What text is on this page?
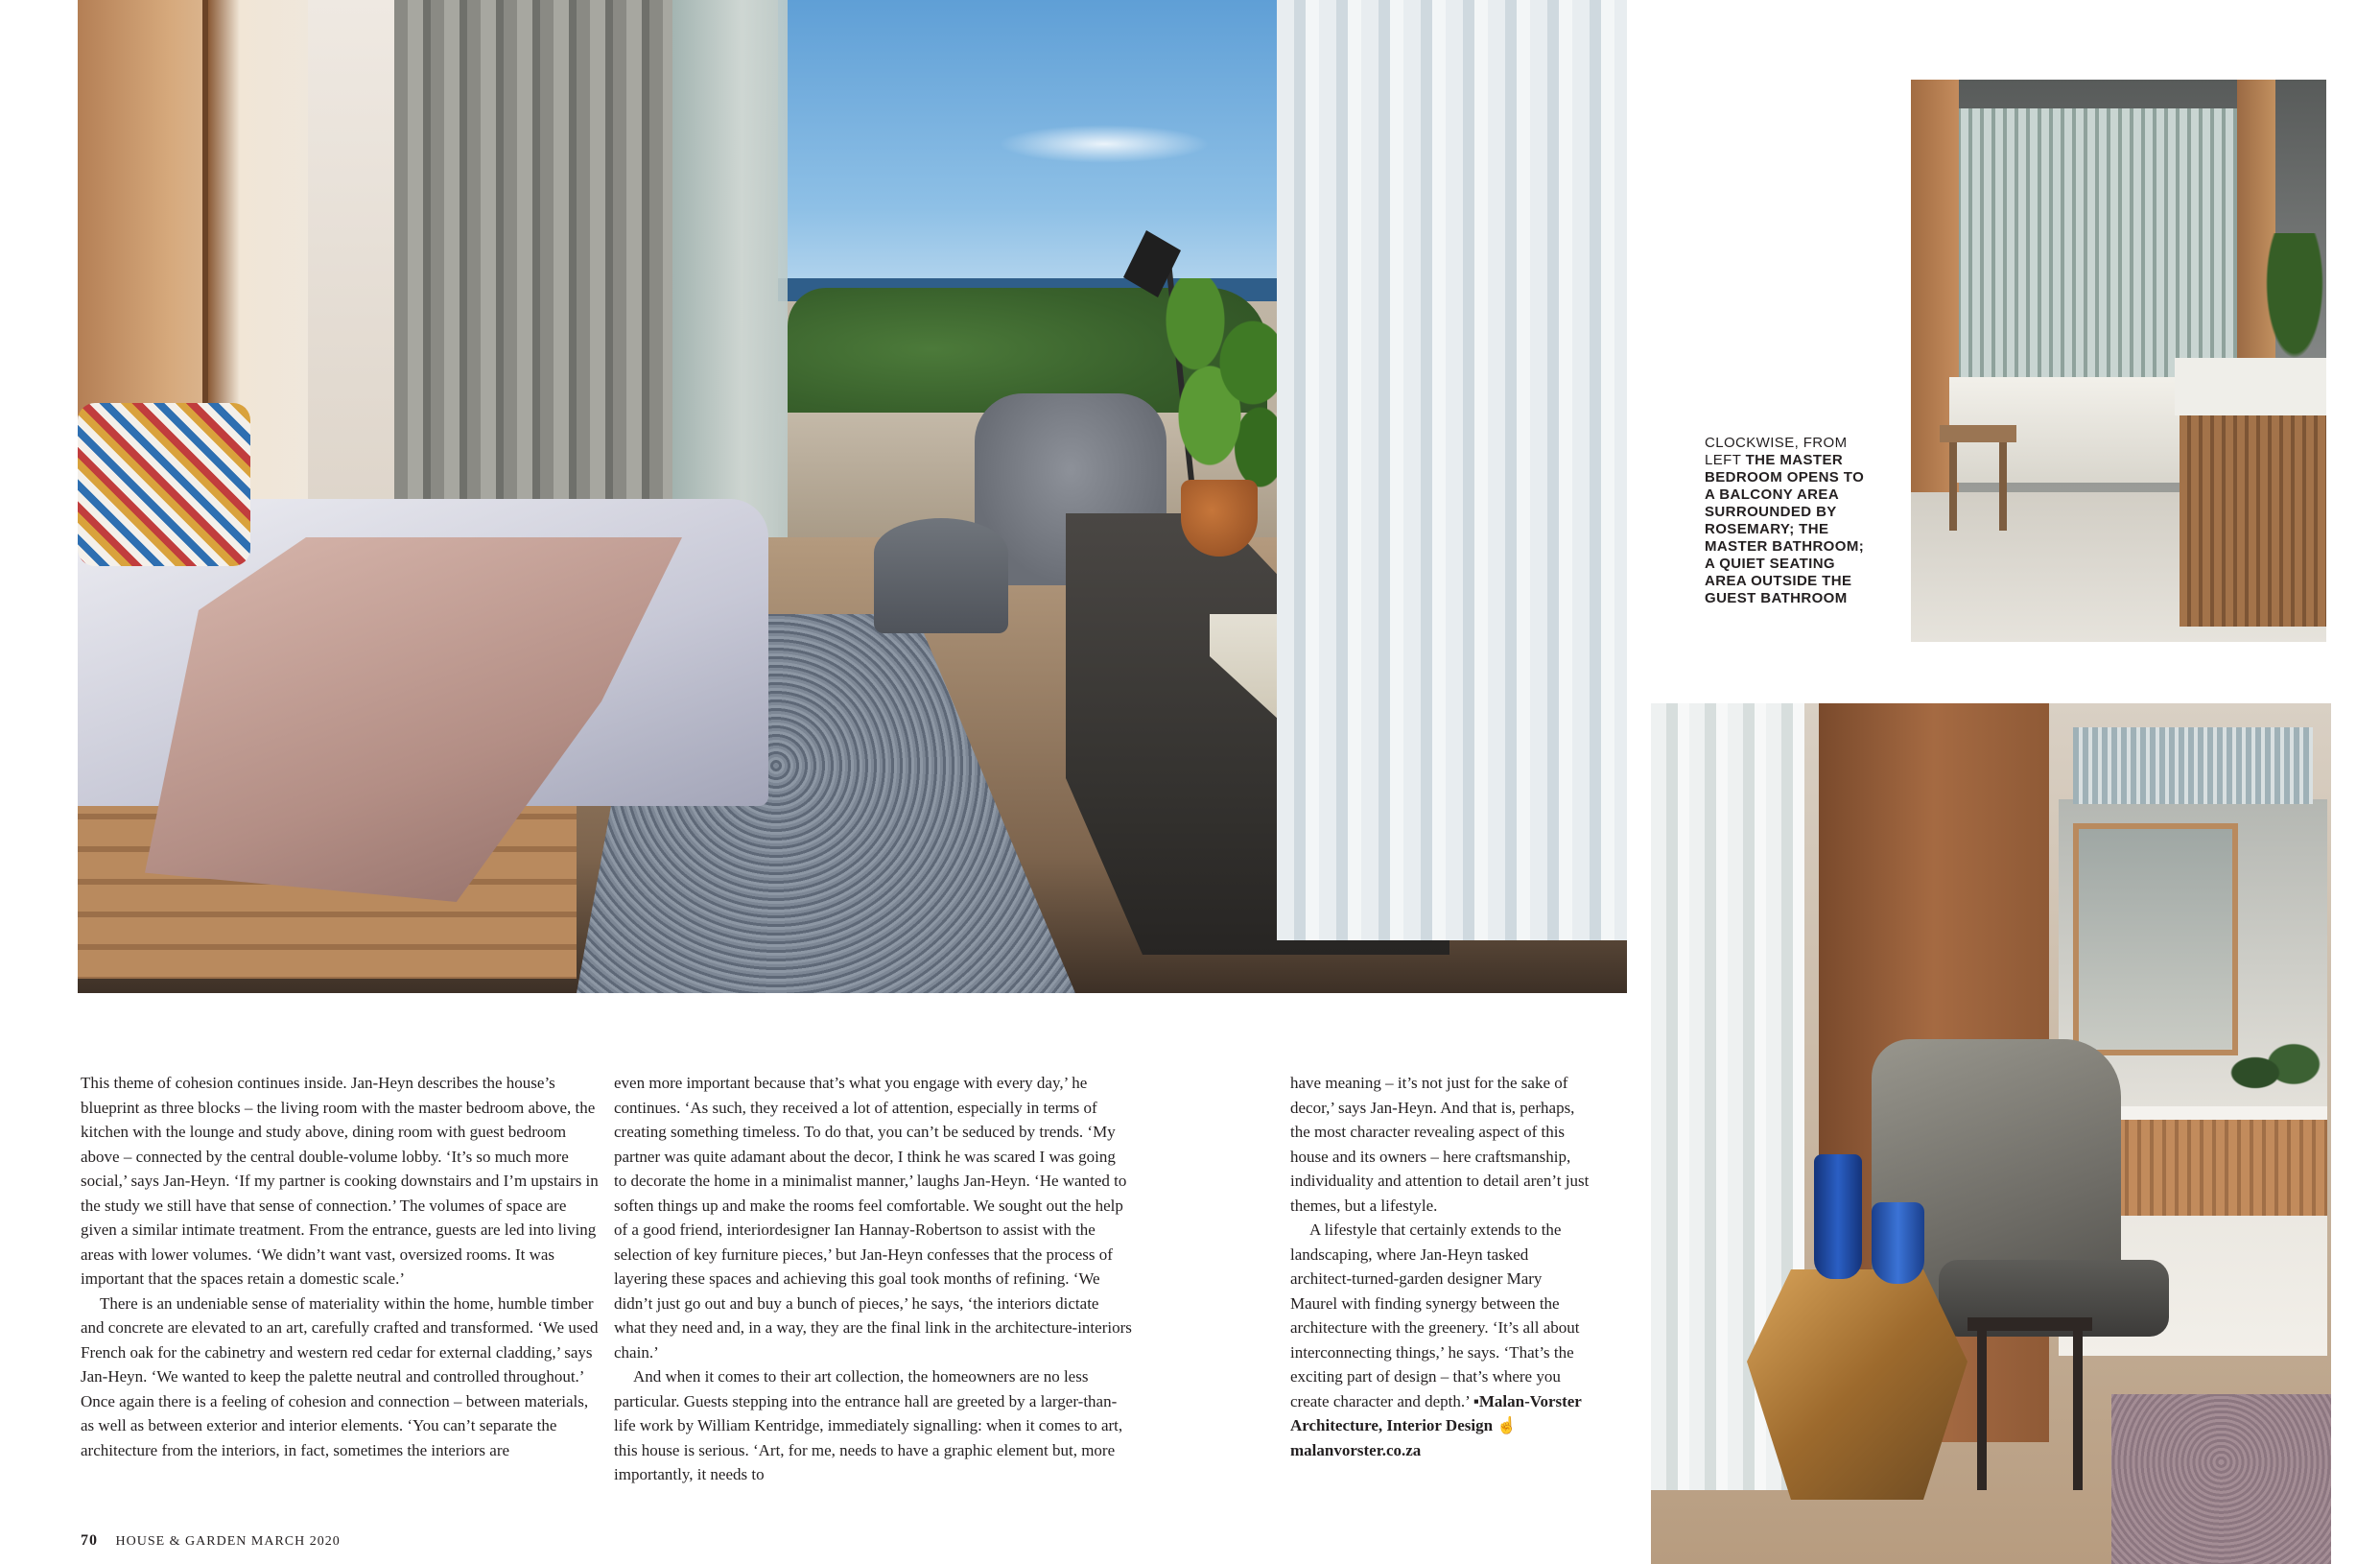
CLOCKWISE, FROM LEFT THE MASTER BEDROOM OPENS TO A BALCONY AREA SURROUNDED BY ROSEMARY; THE MASTER BATHROOM; A QUIET SEATING AREA OUTSIDE THE GUEST BATHROOM

This theme of cohesion continues inside. Jan-Heyn describes the house’s blueprint as three blocks – the living room with the master bedroom above, the kitchen with the lounge and study above, dining room with guest bedroom above – connected by the central double-volume lobby. ‘It’s so much more social,’ says Jan-Heyn. ‘If my partner is cooking downstairs and I’m upstairs in the study we still have that sense of connection.’ The volumes of space are given a similar intimate treatment. From the entrance, guests are led into living areas with lower volumes. ‘We didn’t want vast, oversized rooms. It was important that the spaces retain a domestic scale.’

There is an undeniable sense of materiality within the home, humble timber and concrete are elevated to an art, carefully crafted and transformed. ‘We used French oak for the cabinetry and western red cedar for external cladding,’ says Jan-Heyn. ‘We wanted to keep the palette neutral and controlled throughout.’ Once again there is a feeling of cohesion and connection – between materials, as well as between exterior and interior elements. ‘You can’t separate the architecture from the interiors, in fact, sometimes the interiors are

even more important because that’s what you engage with every day,’ he continues. ‘As such, they received a lot of attention, especially in terms of creating something timeless. To do that, you can’t be seduced by trends. ‘My partner was quite adamant about the decor, I think he was scared I was going to decorate the home in a minimalist manner,’ laughs Jan-Heyn. ‘He wanted to soften things up and make the rooms feel comfortable. We sought out the help of a good friend, interiordesigner Ian Hannay-Robertson to assist with the selection of key furniture pieces,’ but Jan-Heyn confesses that the process of layering these spaces and achieving this goal took months of refining. ‘We didn’t just go out and buy a bunch of pieces,’ he says, ‘the interiors dictate what they need and, in a way, they are the final link in the architecture-interiors chain.’

And when it comes to their art collection, the homeowners are no less particular. Guests stepping into the entrance hall are greeted by a larger-than-life work by William Kentridge, immediately signalling: when it comes to art, this house is serious. ‘Art, for me, needs to have a graphic element but, more importantly, it needs to

have meaning – it’s not just for the sake of decor,’ says Jan-Heyn. And that is, perhaps, the most character revealing aspect of this house and its owners – here craftsmanship, individuality and attention to detail aren’t just themes, but a lifestyle.

A lifestyle that certainly extends to the landscaping, where Jan-Heyn tasked architect-turned-garden designer Mary Maurel with finding synergy between the architecture with the greenery. ‘It’s all about interconnecting things,’ he says. ‘That’s the exciting part of design – that’s where you create character and depth.’ ▪Malan-Vorster Architecture, Interior Design ☝ malanvorster.co.za

70 HOUSE & GARDEN MARCH 2020
